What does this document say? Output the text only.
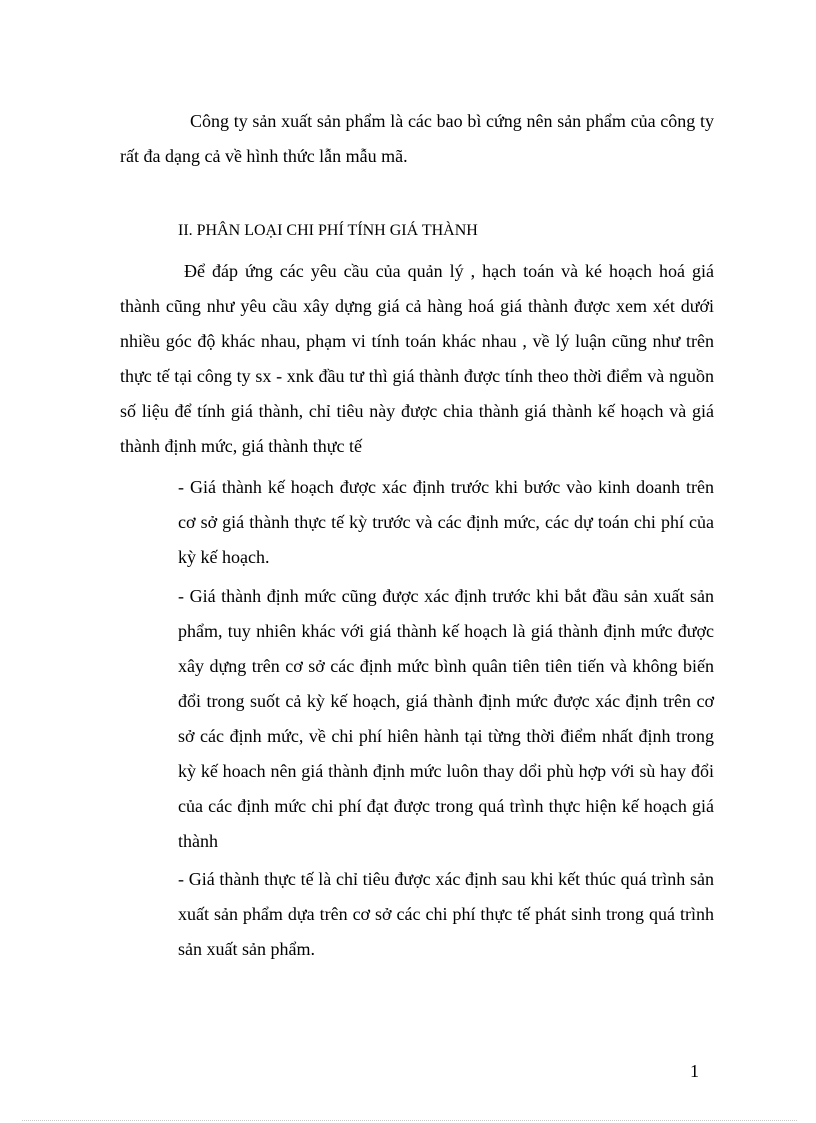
Công ty sản xuất sản phẩm là các bao bì cứng nên sản phẩm của công ty rất đa dạng cả về hình thức lẫn mẫu mã.
II. PHÂN LOẠI CHI PHÍ TÍNH GIÁ THÀNH
Để đáp ứng các yêu cầu của quản lý , hạch toán và ké hoạch hoá giá thành cũng như yêu cầu xây dựng giá cả hàng hoá giá thành được xem xét dưới nhiều góc độ khác nhau, phạm vi tính toán khác nhau , về lý luận cũng như trên thực tế tại công ty sx - xnk đầu tư thì giá thành được tính theo thời điểm và nguồn số liệu để tính giá thành, chỉ tiêu này được chia thành giá thành kế hoạch và giá thành định mức, giá thành thực tế
- Giá thành kế hoạch được xác định trước khi bước vào kinh doanh trên cơ sở giá thành thực tế kỳ trước và các định mức, các dự toán chi phí của kỳ kế hoạch.
- Giá thành định mức cũng được xác định trước khi bắt đầu sản xuất sản phẩm, tuy nhiên khác với giá thành kế hoạch là giá thành định mức được xây dựng trên cơ sở các định mức bình quân tiên tiên tiến và không biến đổi trong suốt cả kỳ kế hoạch, giá thành định mức được xác định trên cơ sở các định mức, về chi phí hiên hành tại từng thời điểm nhất định trong kỳ kế hoach nên giá thành định mức luôn thay dổi phù hợp với sù hay đổi của các định mức chi phí đạt được trong quá trình thực hiện kế hoạch giá thành
- Giá thành thực tế là chỉ tiêu được xác định sau khi kết thúc quá trình sản xuất sản phẩm dựa trên cơ sở các chi phí thực tế phát sinh trong quá trình sản xuất sản phẩm.
1
